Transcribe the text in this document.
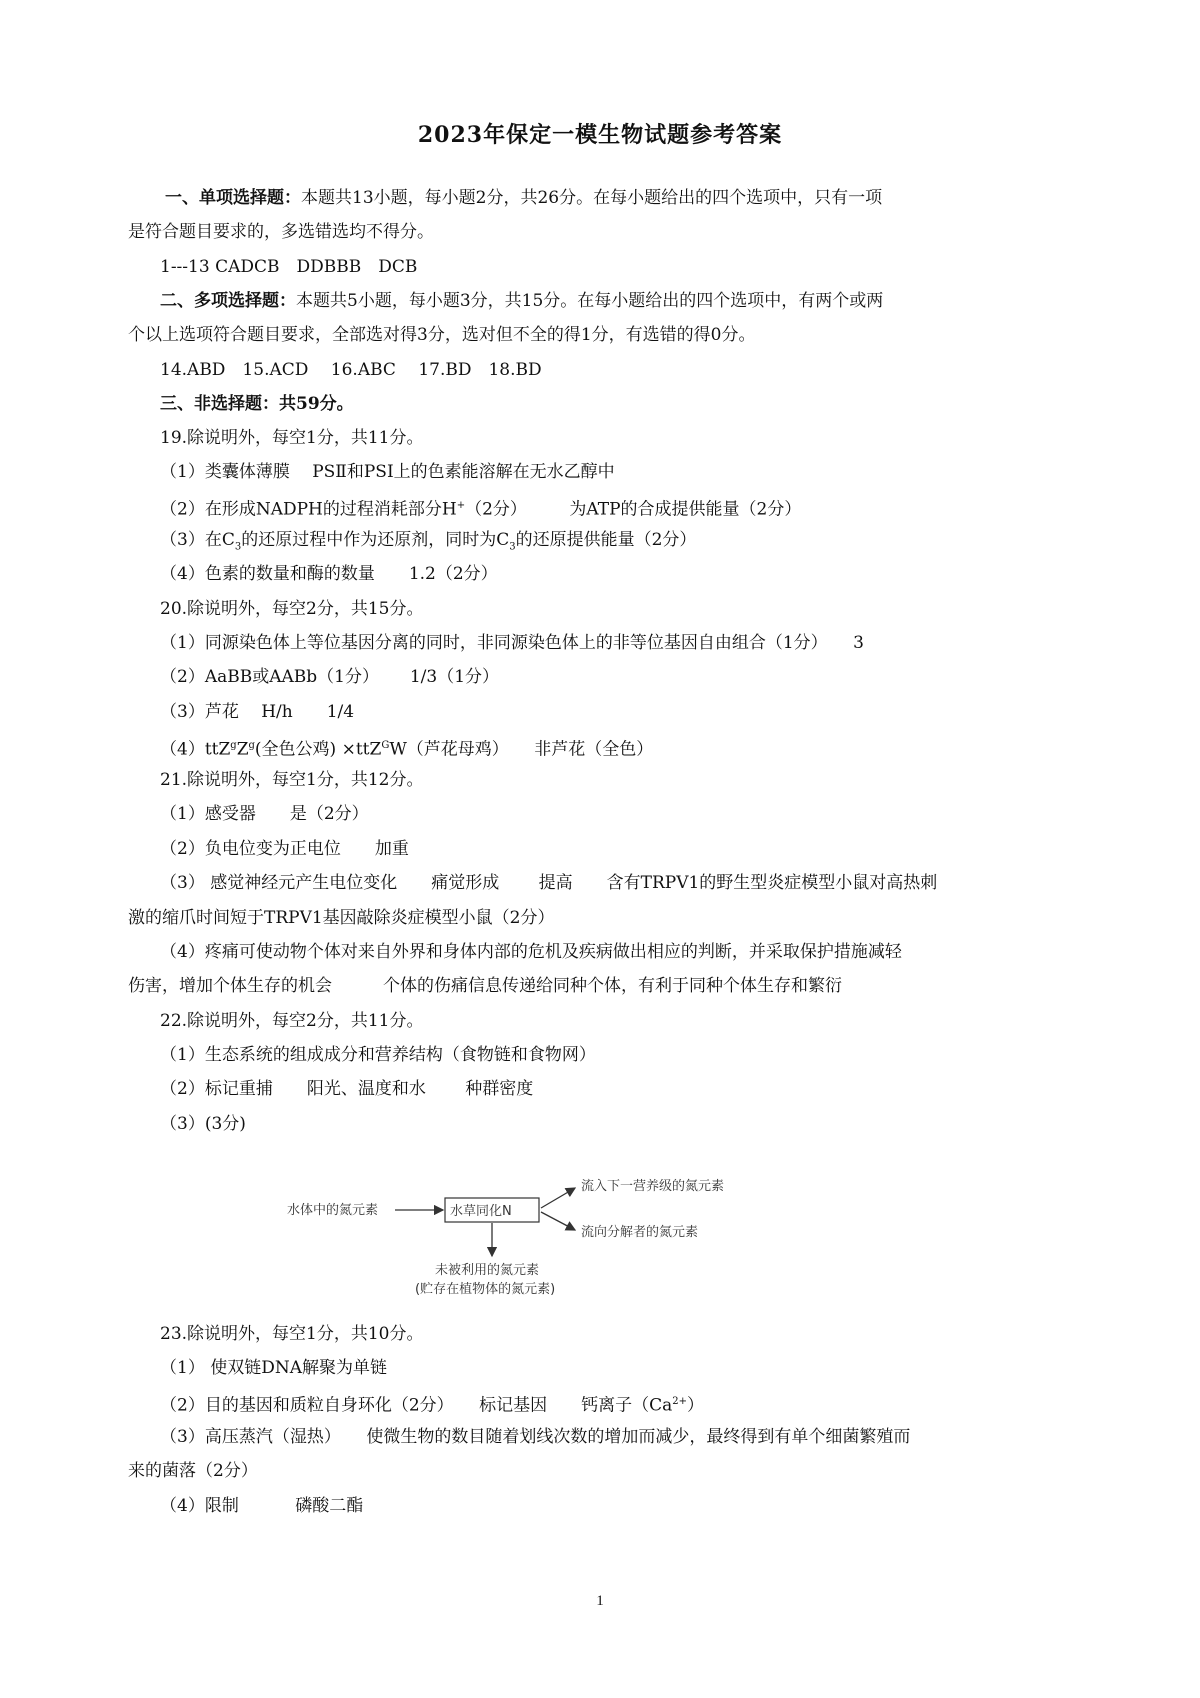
2023年保定一模生物试题参考答案
一、单项选择题：本题共13小题，每小题2分，共26分。在每小题给出的四个选项中，只有一项
是符合题目要求的，多选错选均不得分。
1---13 CADCB　DDBBB　DCB
二、多项选择题：本题共5小题，每小题3分，共15分。在每小题给出的四个选项中，有两个或两
个以上选项符合题目要求，全部选对得3分，选对但不全的得1分，有选错的得0分。
14.ABD　15.ACD　 16.ABC　 17.BD　18.BD
三、非选择题：共59分。
19.除说明外，每空1分，共11分。
（1）类囊体薄膜　 PSⅡ和PSⅠ上的色素能溶解在无水乙醇中
（2）在形成NADPH的过程消耗部分H+（2分）　　　为ATP的合成提供能量（2分）
（3）在$C_3$的还原过程中作为还原剂，同时为$C_3$的还原提供能量（2分）
（4）色素的数量和酶的数量　　1.2（2分）
20.除说明外，每空2分，共15分。
（1）同源染色体上等位基因分离的同时，非同源染色体上的非等位基因自由组合（1分）　　3
（2）AaBB或AABb（1分）　　 1/3（1分）
（3）芦花　 H/h　　1/4
$(4)ttZ^gZ^g$(全色公鸡) ×ttZ$^G$W（芦花母鸡）　　非芦花（全色）
21.除说明外，每空1分，共12分。
（1）感受器　　是（2分）
（2）负电位变为正电位　　加重
（3） 感觉神经元产生电位变化　　痛觉形成　　 提高　　含有TRPV1的野生型炎症模型小鼠对高热刺
激的缩爪时间短于TRPV1基因敲除炎症模型小鼠（2分）
（4）疼痛可使动物个体对来自外界和身体内部的危机及疾病做出相应的判断，并采取保护措施减轻
伤害，增加个体生存的机会　　　个体的伤痛信息传递给同种个体，有利于同种个体生存和繁衍
22.除说明外，每空2分，共11分。
（1）生态系统的组成成分和营养结构（食物链和食物网）
（2）标记重捕　　阳光、温度和水　　 种群密度
（3）(3分)
水体中的氮元素	水草同化N
流入下一营养级的氮元素
流向分解者的氮元素
未被利用的氮元素
(贮存在植物体的氮元素)
23.除说明外，每空1分，共10分。
（1） 使双链DNA解聚为单链
（2）目的基因和质粒自身环化（2分）　　标记基因　　钙离子$(Ca^{2+})$
（3）高压蒸汽（湿热）　　使微生物的数目随着划线次数的增加而减少，最终得到有单个细菌繁殖而
来的菌落（2分）
（4）限制　　　 磷酸二酯
1
